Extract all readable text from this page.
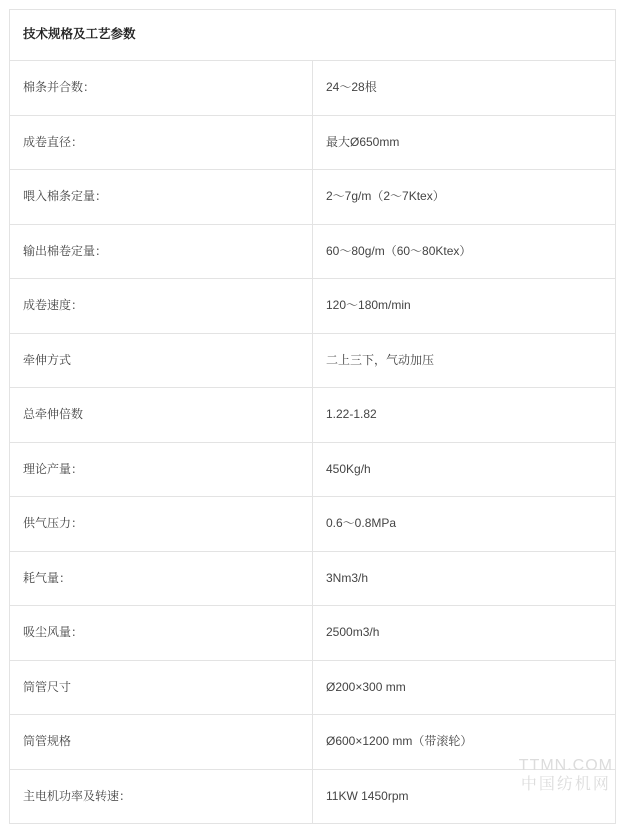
技术规格及工艺参数	
棉条并合数：	24～28根
成卷直径：	最大Ø650mm
喂入棉条定量：	2～7g/m（2～7Ktex）
输出棉卷定量：	60～80g/m（60～80Ktex）
成卷速度：	120～180m/min
牵伸方式	二上三下，气动加压
总牵伸倍数	1.22-1.82
理论产量：	450Kg/h
供气压力：	0.6～0.8MPa
耗气量：	3Nm3/h
吸尘风量：	2500m3/h
筒管尺寸	Ø200×300 mm
筒管规格	Ø600×1200 mm（带滚轮）
主电机功率及转速：	11KW 1450rpm
TTMN.COM
中国纺机网
